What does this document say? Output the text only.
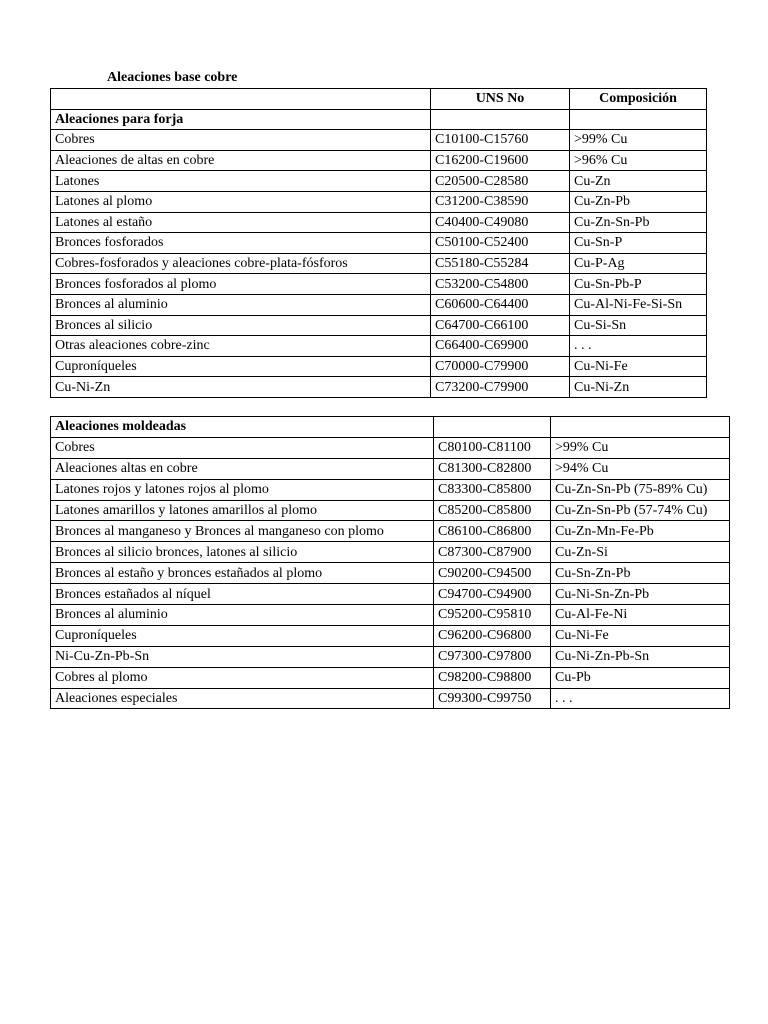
Aleaciones base cobre
	UNS No	Composición
Aleaciones para forja		
Cobres	C10100-C15760	>99% Cu
Aleaciones de altas en cobre	C16200-C19600	>96% Cu
Latones	C20500-C28580	Cu-Zn
Latones al plomo	C31200-C38590	Cu-Zn-Pb
Latones al estaño	C40400-C49080	Cu-Zn-Sn-Pb
Bronces fosforados	C50100-C52400	Cu-Sn-P
Cobres-fosforados y aleaciones cobre-plata-fósforos	C55180-C55284	Cu-P-Ag
Bronces fosforados al plomo	C53200-C54800	Cu-Sn-Pb-P
Bronces al aluminio	C60600-C64400	Cu-Al-Ni-Fe-Si-Sn
Bronces al silicio	C64700-C66100	Cu-Si-Sn
Otras aleaciones cobre-zinc	C66400-C69900	. . .
Cuproníqueles	C70000-C79900	Cu-Ni-Fe
Cu-Ni-Zn	C73200-C79900	Cu-Ni-Zn
Aleaciones moldeadas		
Cobres	C80100-C81100	>99% Cu
Aleaciones altas en cobre	C81300-C82800	>94% Cu
Latones rojos y latones rojos al plomo	C83300-C85800	Cu-Zn-Sn-Pb (75-89% Cu)
Latones amarillos y latones amarillos al plomo	C85200-C85800	Cu-Zn-Sn-Pb (57-74% Cu)
Bronces al manganeso y Bronces al manganeso con plomo	C86100-C86800	Cu-Zn-Mn-Fe-Pb
Bronces al silicio bronces, latones al silicio	C87300-C87900	Cu-Zn-Si
Bronces al estaño y bronces estañados al plomo	C90200-C94500	Cu-Sn-Zn-Pb
Bronces estañados al níquel	C94700-C94900	Cu-Ni-Sn-Zn-Pb
Bronces al aluminio	C95200-C95810	Cu-Al-Fe-Ni
Cuproníqueles	C96200-C96800	Cu-Ni-Fe
Ni-Cu-Zn-Pb-Sn	C97300-C97800	Cu-Ni-Zn-Pb-Sn
Cobres al plomo	C98200-C98800	Cu-Pb
Aleaciones especiales	C99300-C99750	. . .
